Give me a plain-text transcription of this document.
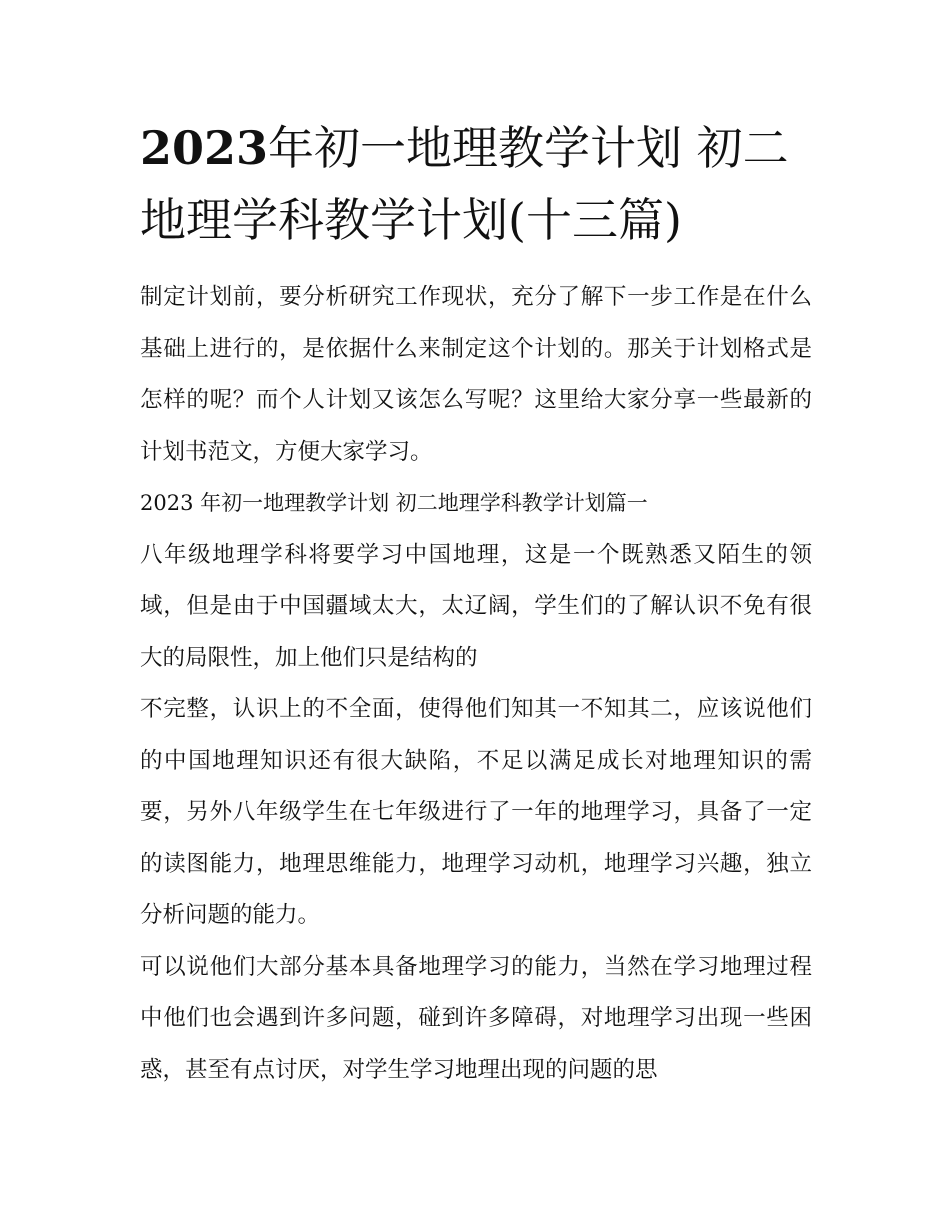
2023年初一地理教学计划 初二地理学科教学计划(十三篇)

制定计划前，要分析研究工作现状，充分了解下一步工作是在什么基础上进行的，是依据什么来制定这个计划的。那关于计划格式是怎样的呢？而个人计划又该怎么写呢？这里给大家分享一些最新的计划书范文，方便大家学习。

2023 年初一地理教学计划 初二地理学科教学计划篇一

八年级地理学科将要学习中国地理，这是一个既熟悉又陌生的领域，但是由于中国疆域太大，太辽阔，学生们的了解认识不免有很大的局限性，加上他们只是结构的

不完整，认识上的不全面，使得他们知其一不知其二，应该说他们的中国地理知识还有很大缺陷，不足以满足成长对地理知识的需要，另外八年级学生在七年级进行了一年的地理学习，具备了一定的读图能力，地理思维能力，地理学习动机，地理学习兴趣，独立分析问题的能力。

可以说他们大部分基本具备地理学习的能力，当然在学习地理过程中他们也会遇到许多问题，碰到许多障碍，对地理学习出现一些困惑，甚至有点讨厌，对学生学习地理出现的问题的思
